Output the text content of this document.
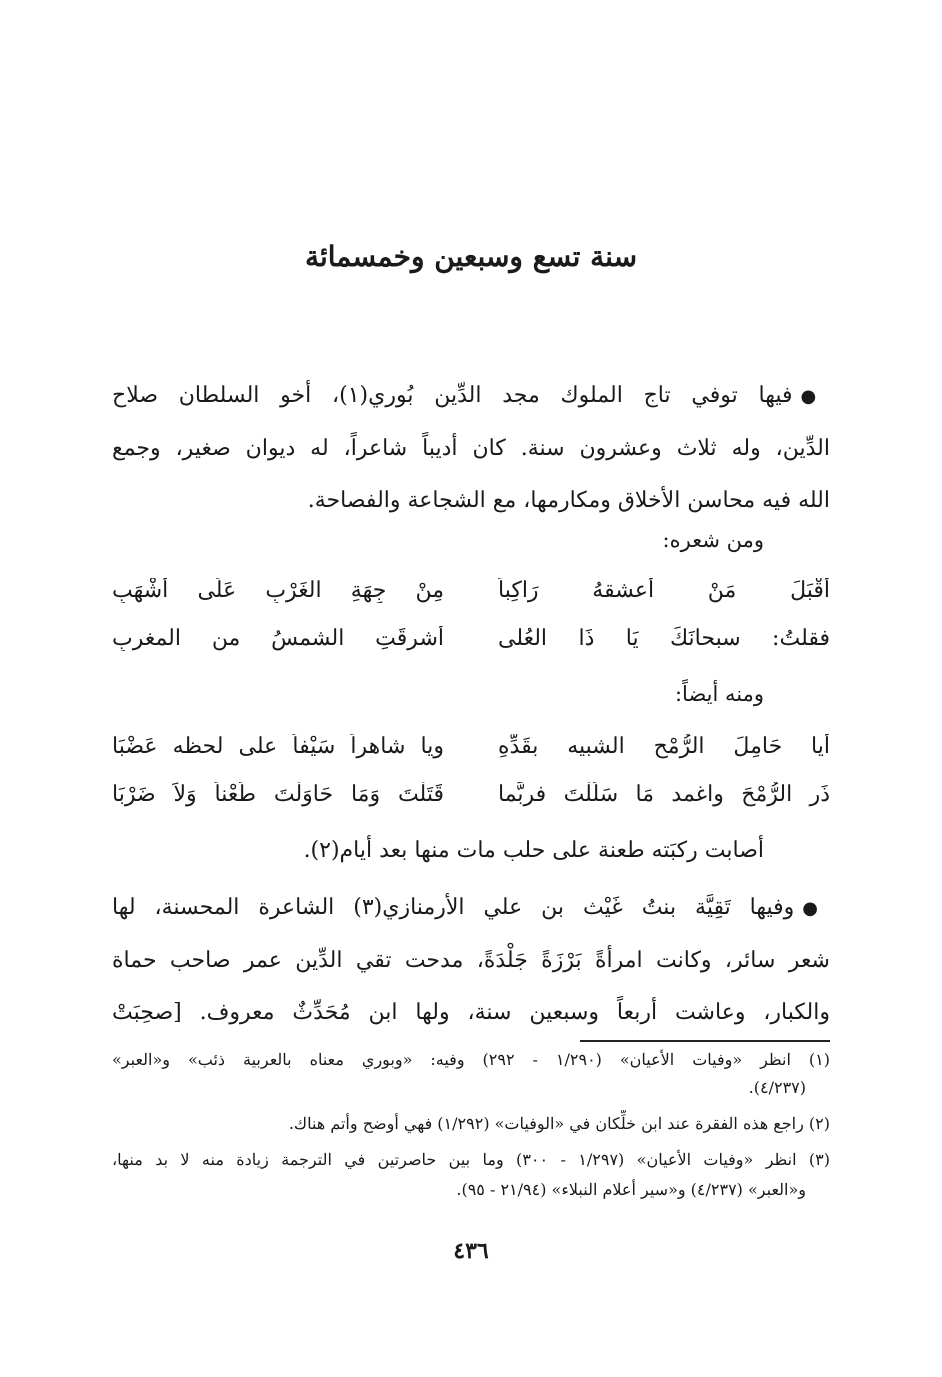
سنة تسع وسبعين وخمسمائة
●فيها توفي تاج الملوك مجد الدِّين بُوري(١)، أخو السلطان صلاح
الدِّين، وله ثلاث وعشرون سنة. كان أديباً شاعراً، له ديوان صغير، وجمع
الله فيه محاسن الأخلاق ومكارمها، مع الشجاعة والفصاحة.
ومن شعره:
أَقْبَلَ مَنْ أعشقهُ رَاكِباً
مِنْ جِهَةِ الغَرْبِ عَلَى أَشْهَبِ
فقلتُ: سبحانَكَ يَا ذَا العُلى
أشرقَتِ الشمسُ من المغربِ
ومنه أيضاً:
أيا حَامِلَ الرُّمْحِ الشبيه بقَدِّهِ
ويا شاهراً سَيْفاً على لحظه عَضْبَا
ذَرِ الرُّمْحَ واغمد مَا سَلَلْتَ فربَّما
قَتَلْتَ وَمَا حَاوَلْتَ طَعْناً وَلاَ ضَرْبَا
أصابت ركبَته طعنة على حلب مات منها بعد أيام(٢).
●وفيها تَقِيَّة بنتُ غَيْث بن علي الأرمنازي(٣) الشاعرة المحسنة، لها
شعر سائر، وكانت امرأةً بَرْزَةً جَلْدَةً، مدحت تقي الدِّين عمر صاحب حماة
والكبار، وعاشت أربعاً وسبعين سنة، ولها ابن مُحَدِّثٌ معروف. [صحِبَتْ
(١) انظر «وفيات الأعيان» (١/٢٩٠ - ٢٩٢) وفيه: «وبوري معناه بالعربية ذئب» و«العبر»
(٤/٢٣٧).
(٢) راجع هذه الفقرة عند ابن خلِّكان في «الوفيات» (١/٢٩٢) فهي أوضح وأتم هناك.
(٣) انظر «وفيات الأعيان» (١/٢٩٧ - ٣٠٠) وما بين حاصرتين في الترجمة زيادة منه لا بد منها،
و«العبر» (٤/٢٣٧) و«سير أعلام النبلاء» (٢١/٩٤ - ٩٥).
٤٣٦
